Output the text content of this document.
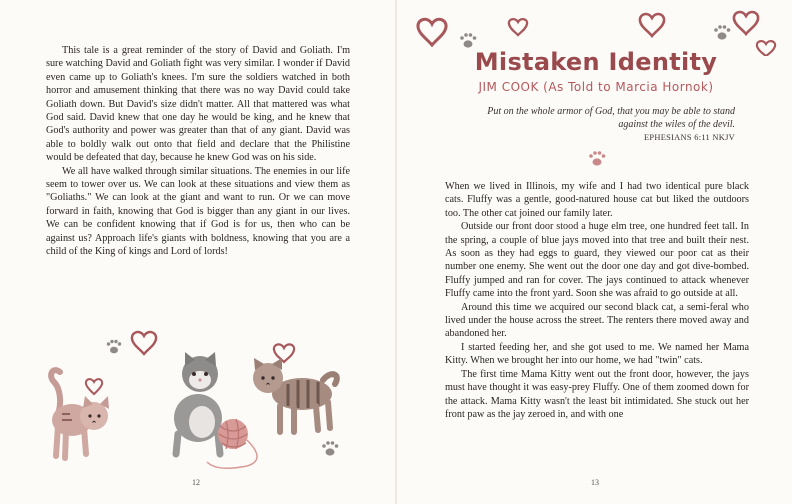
This tale is a great reminder of the story of David and Goliath. I'm sure watching David and Goliath fight was very similar. I wonder if David even came up to Goliath's knees. I'm sure the soldiers watched in both horror and amusement thinking that there was no way David could take Goliath down. But David's size didn't matter. All that mattered was what God said. David knew that one day he would be king, and he knew that God's authority and power was greater than that of any giant. David was able to boldly walk out onto that field and declare that the Philistine would be defeated that day, because he knew God was on his side.

We all have walked through similar situations. The enemies in our life seem to tower over us. We can look at these situations and view them as "Goliaths." We can look at the giant and want to run. Or we can move forward in faith, knowing that God is bigger than any giant in our lives. We can be confident knowing that if God is for us, then who can be against us? Approach life's giants with boldness, knowing that you are a child of the King of kings and Lord of lords!

12
Mistaken Identity
JIM COOK (As Told to Marcia Hornok)
Put on the whole armor of God, that you may be able to stand against the wiles of the devil.
EPHESIANS 6:11 NKJV

When we lived in Illinois, my wife and I had two identical pure black cats. Fluffy was a gentle, good-natured house cat but liked the outdoors too. The other cat joined our family later.

Outside our front door stood a huge elm tree, one hundred feet tall. In the spring, a couple of blue jays moved into that tree and built their nest. As soon as they had eggs to guard, they viewed our poor cat as their number one enemy. She went out the door one day and got dive-bombed. Fluffy jumped and ran for cover. The jays continued to attack whenever Fluffy came into the front yard. Soon she was afraid to go outside at all.

Around this time we acquired our second black cat, a semi-feral who lived under the house across the street. The renters there moved away and abandoned her.

I started feeding her, and she got used to me. We named her Mama Kitty. When we brought her into our home, we had "twin" cats.

The first time Mama Kitty went out the front door, however, the jays must have thought it was easy-prey Fluffy. One of them zoomed down for the attack. Mama Kitty wasn't the least bit intimidated. She stuck out her front paw as the jay zeroed in, and with one

13
